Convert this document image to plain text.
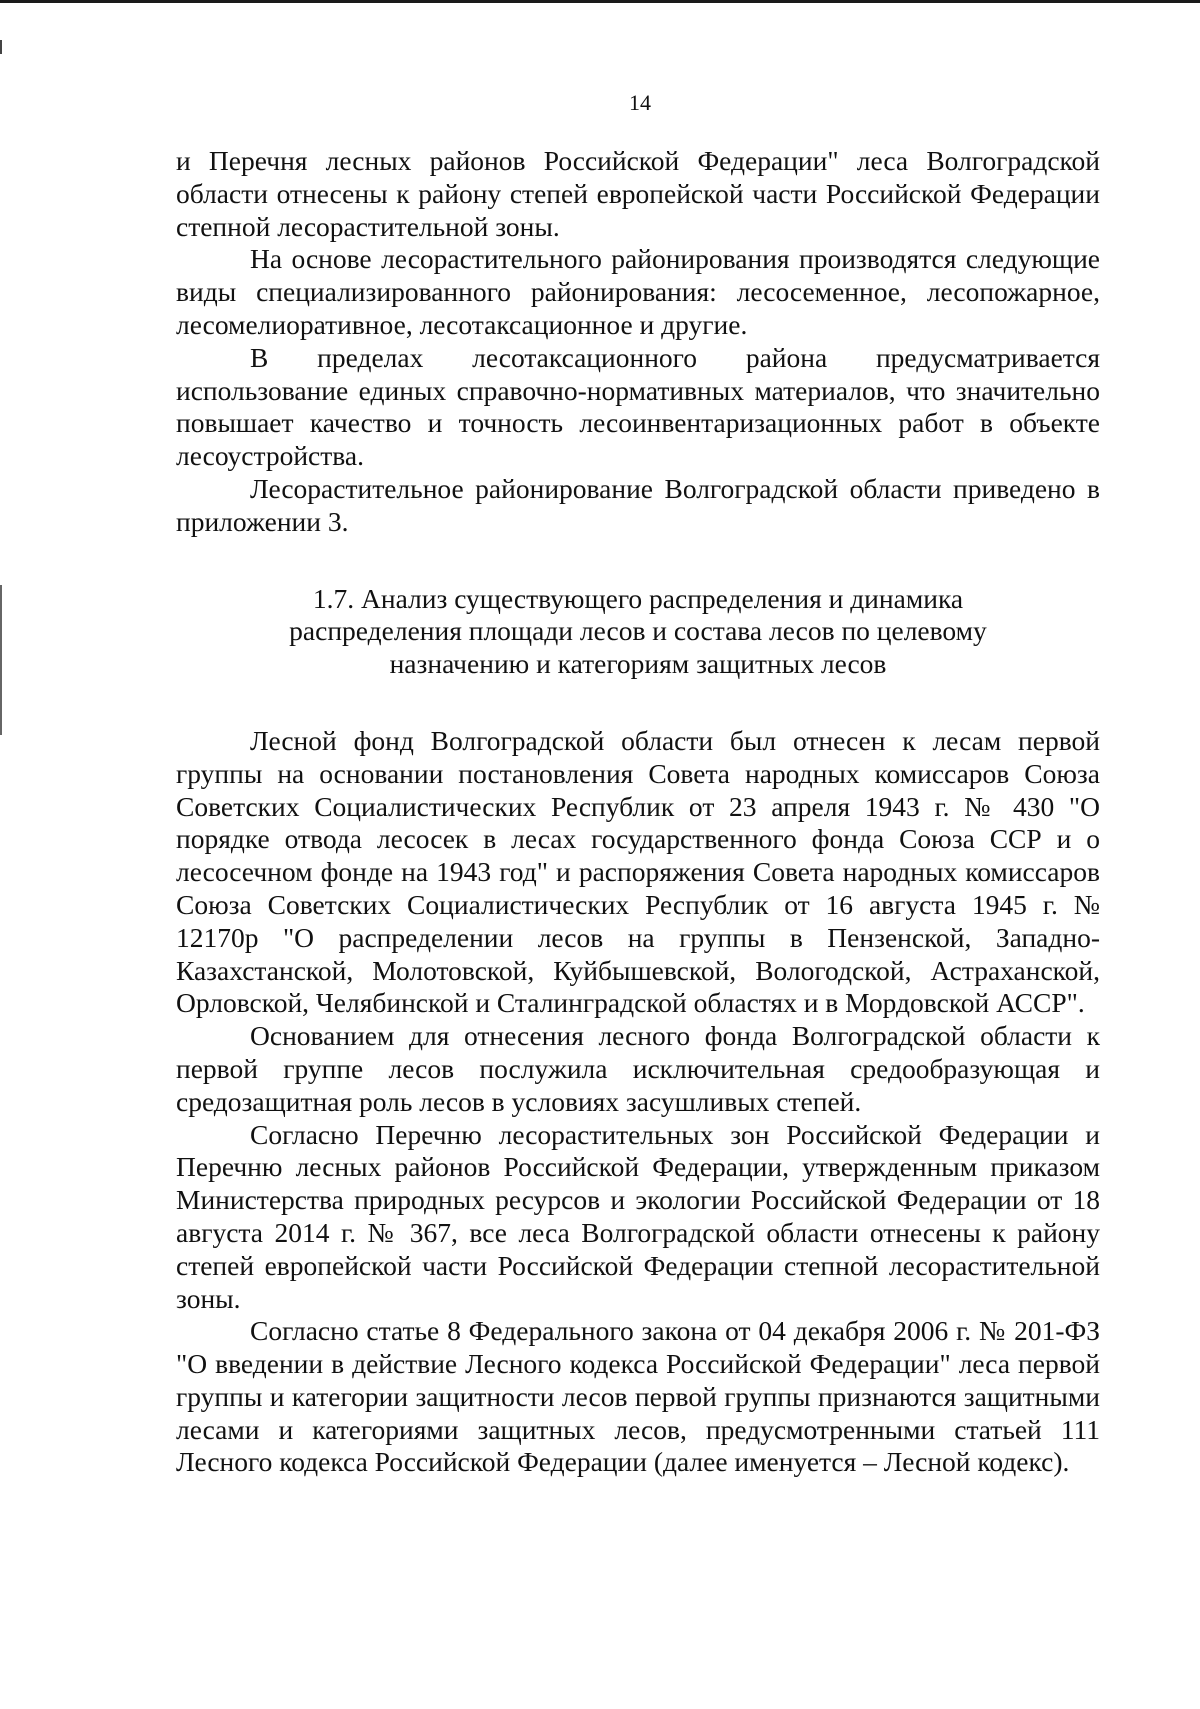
14

и Перечня лесных районов Российской Федерации" леса Волгоградской области отнесены к району степей европейской части Российской Федерации степной лесорастительной зоны.

На основе лесорастительного районирования производятся следующие виды специализированного районирования: лесосеменное, лесопожарное, лесомелиоративное, лесотаксационное и другие.

В пределах лесотаксационного района предусматривается использование единых справочно-нормативных материалов, что значительно повышает качество и точность лесоинвентаризационных работ в объекте лесоустройства.

Лесорастительное районирование Волгоградской области приведено в приложении 3.

1.7. Анализ существующего распределения и динамика
распределения площади лесов и состава лесов по целевому
назначению и категориям защитных лесов

Лесной фонд Волгоградской области был отнесен к лесам первой группы на основании постановления Совета народных комиссаров Союза Советских Социалистических Республик от 23 апреля 1943 г. № 430 "О порядке отвода лесосек в лесах государственного фонда Союза ССР и о лесосечном фонде на 1943 год" и распоряжения Совета народных комиссаров Союза Советских Социалистических Республик от 16 августа 1945 г. № 12170р "О распределении лесов на группы в Пензенской, Западно-Казахстанской, Молотовской, Куйбышевской, Вологодской, Астраханской, Орловской, Челябинской и Сталинградской областях и в Мордовской АССР".

Основанием для отнесения лесного фонда Волгоградской области к первой группе лесов послужила исключительная средообразующая и средозащитная роль лесов в условиях засушливых степей.

Согласно Перечню лесорастительных зон Российской Федерации и Перечню лесных районов Российской Федерации, утвержденным приказом Министерства природных ресурсов и экологии Российской Федерации от 18 августа 2014 г. № 367, все леса Волгоградской области отнесены к району степей европейской части Российской Федерации степной лесорастительной зоны.

Согласно статье 8 Федерального закона от 04 декабря 2006 г. № 201-ФЗ "О введении в действие Лесного кодекса Российской Федерации" леса первой группы и категории защитности лесов первой группы признаются защитными лесами и категориями защитных лесов, предусмотренными статьей 111 Лесного кодекса Российской Федерации (далее именуется – Лесной кодекс).
